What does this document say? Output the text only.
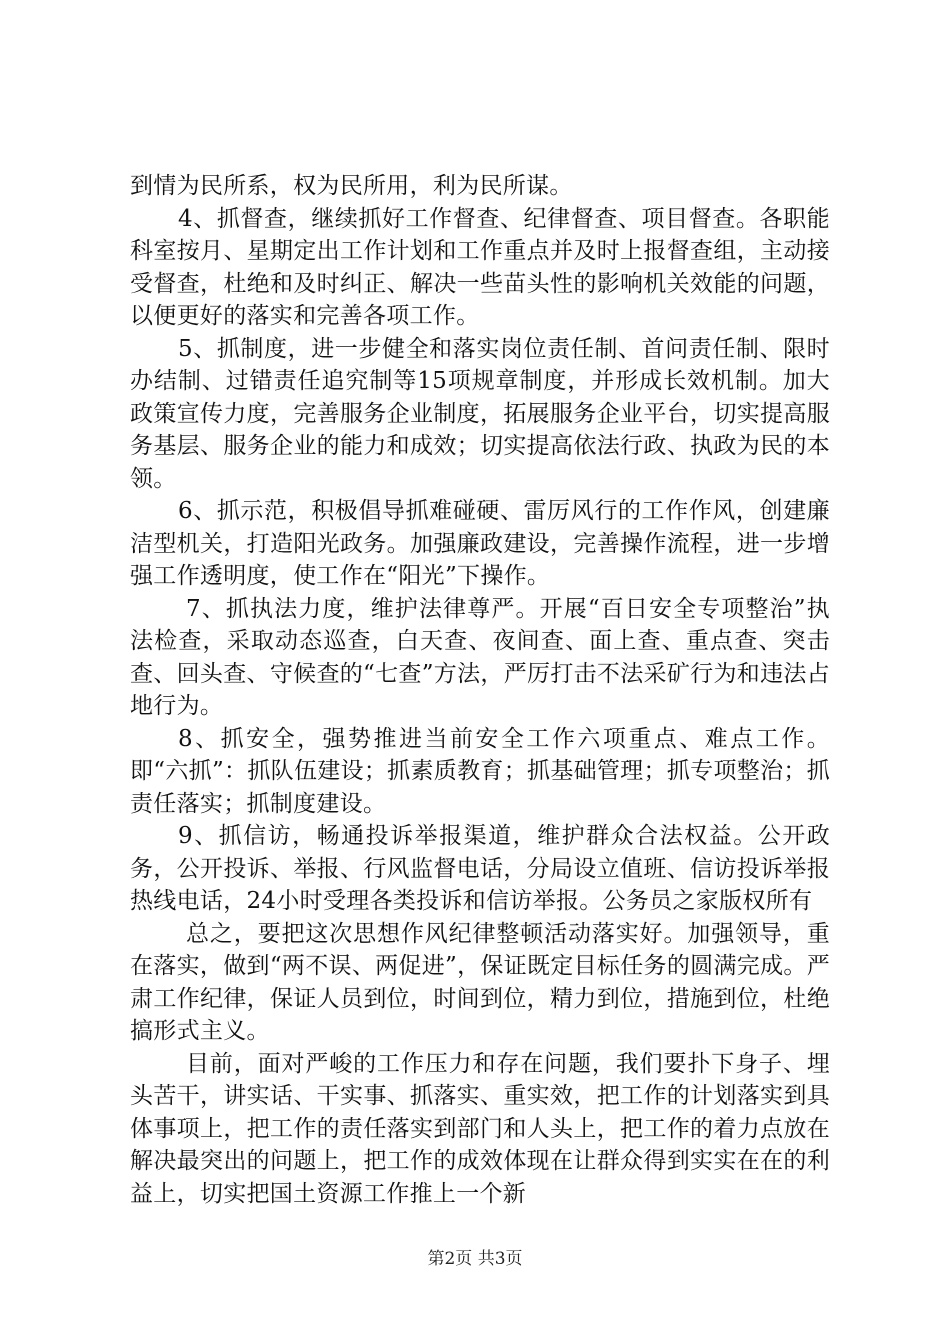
到情为民所系，权为民所用，利为民所谋。

4、抓督查，继续抓好工作督查、纪律督查、项目督查。各职能科室按月、星期定出工作计划和工作重点并及时上报督查组，主动接受督查，杜绝和及时纠正、解决一些苗头性的影响机关效能的问题，以便更好的落实和完善各项工作。

5、抓制度，进一步健全和落实岗位责任制、首问责任制、限时办结制、过错责任追究制等15项规章制度，并形成长效机制。加大政策宣传力度，完善服务企业制度，拓展服务企业平台，切实提高服务基层、服务企业的能力和成效；切实提高依法行政、执政为民的本领。

6、抓示范，积极倡导抓难碰硬、雷厉风行的工作作风，创建廉洁型机关，打造阳光政务。加强廉政建设，完善操作流程，进一步增强工作透明度，使工作在“阳光”下操作。

7、抓执法力度，维护法律尊严。开展“百日安全专项整治”执法检查，采取动态巡查，白天查、夜间查、面上查、重点查、突击查、回头查、守候查的“七查”方法，严厉打击不法采矿行为和违法占地行为。

8、抓安全，强势推进当前安全工作六项重点、难点工作。即“六抓”：抓队伍建设；抓素质教育；抓基础管理；抓专项整治；抓责任落实；抓制度建设。

9、抓信访，畅通投诉举报渠道，维护群众合法权益。公开政务，公开投诉、举报、行风监督电话，分局设立值班、信访投诉举报热线电话，24小时受理各类投诉和信访举报。公务员之家版权所有

总之，要把这次思想作风纪律整顿活动落实好。加强领导，重在落实，做到“两不误、两促进”，保证既定目标任务的圆满完成。严肃工作纪律，保证人员到位，时间到位，精力到位，措施到位，杜绝搞形式主义。

目前，面对严峻的工作压力和存在问题，我们要扑下身子、埋头苦干，讲实话、干实事、抓落实、重实效，把工作的计划落实到具体事项上，把工作的责任落实到部门和人头上，把工作的着力点放在解决最突出的问题上，把工作的成效体现在让群众得到实实在在的利益上，切实把国土资源工作推上一个新

第2页 共3页
